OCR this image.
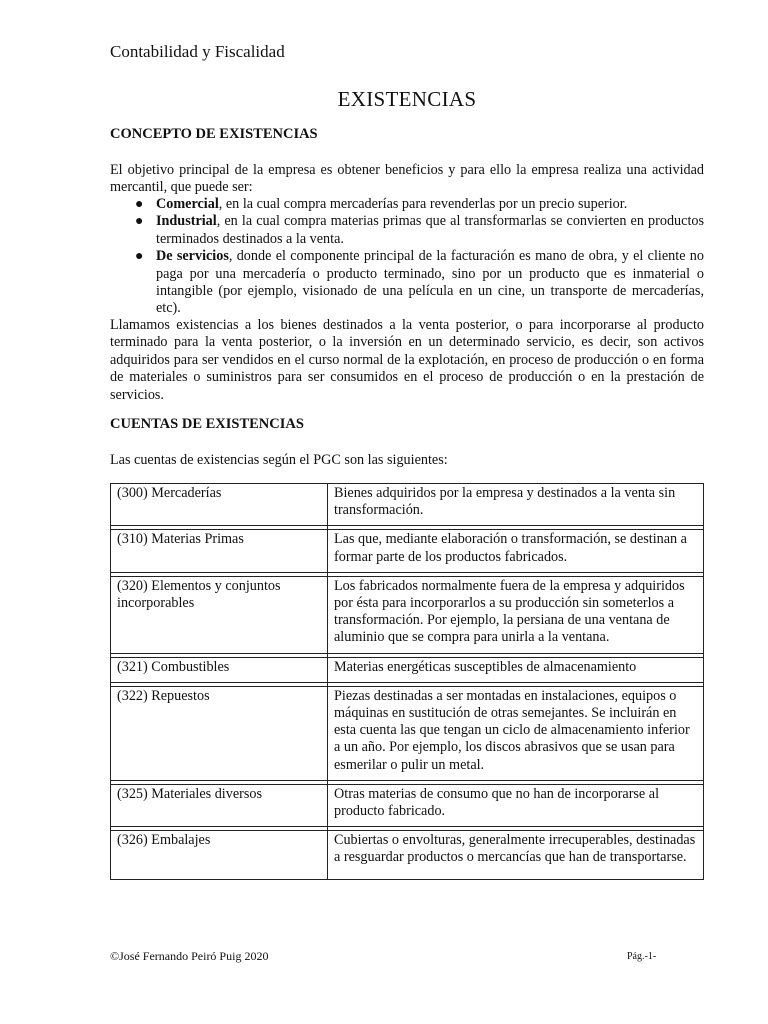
Contabilidad y Fiscalidad
EXISTENCIAS
CONCEPTO DE EXISTENCIAS
El objetivo principal de la empresa es obtener beneficios y para ello la empresa realiza una actividad mercantil, que puede ser:
● Comercial, en la cual compra mercaderías para revenderlas por un precio superior.
● Industrial, en la cual compra materias primas que al transformarlas se convierten en productos terminados destinados a la venta.
● De servicios, donde el componente principal de la facturación es mano de obra, y el cliente no paga por una mercadería o producto terminado, sino por un producto que es inmaterial o intangible (por ejemplo, visionado de una película en un cine, un transporte de mercaderías, etc).
Llamamos existencias a los bienes destinados a la venta posterior, o para incorporarse al producto terminado para la venta posterior, o la inversión en un determinado servicio, es decir, son activos adquiridos para ser vendidos en el curso normal de la explotación, en proceso de producción o en forma de materiales o suministros para ser consumidos en el proceso de producción o en la prestación de servicios.
CUENTAS DE EXISTENCIAS
Las cuentas de existencias según el PGC son las siguientes:
(300) Mercaderías	Bienes adquiridos por la empresa y destinados a la venta sin transformación.

(310) Materias Primas	Las que, mediante elaboración o transformación, se destinan a formar parte de los productos fabricados.

(320) Elementos y conjuntos incorporables	Los fabricados normalmente fuera de la empresa y adquiridos por ésta para incorporarlos a su producción sin someterlos a transformación. Por ejemplo, la persiana de una ventana de aluminio que se compra para unirla a la ventana.

(321) Combustibles	Materias energéticas susceptibles de almacenamiento

(322) Repuestos	Piezas destinadas a ser montadas en instalaciones, equipos o máquinas en sustitución de otras semejantes. Se incluirán en esta cuenta las que tengan un ciclo de almacenamiento inferior a un año. Por ejemplo, los discos abrasivos que se usan para esmerilar o pulir un metal.

(325) Materiales diversos	Otras materias de consumo que no han de incorporarse al producto fabricado.

(326) Embalajes	Cubiertas o envolturas, generalmente irrecuperables, destinadas a resguardar productos o mercancías que han de transportarse.
©José Fernando Peiró Puig 2020	Pág.-1-
